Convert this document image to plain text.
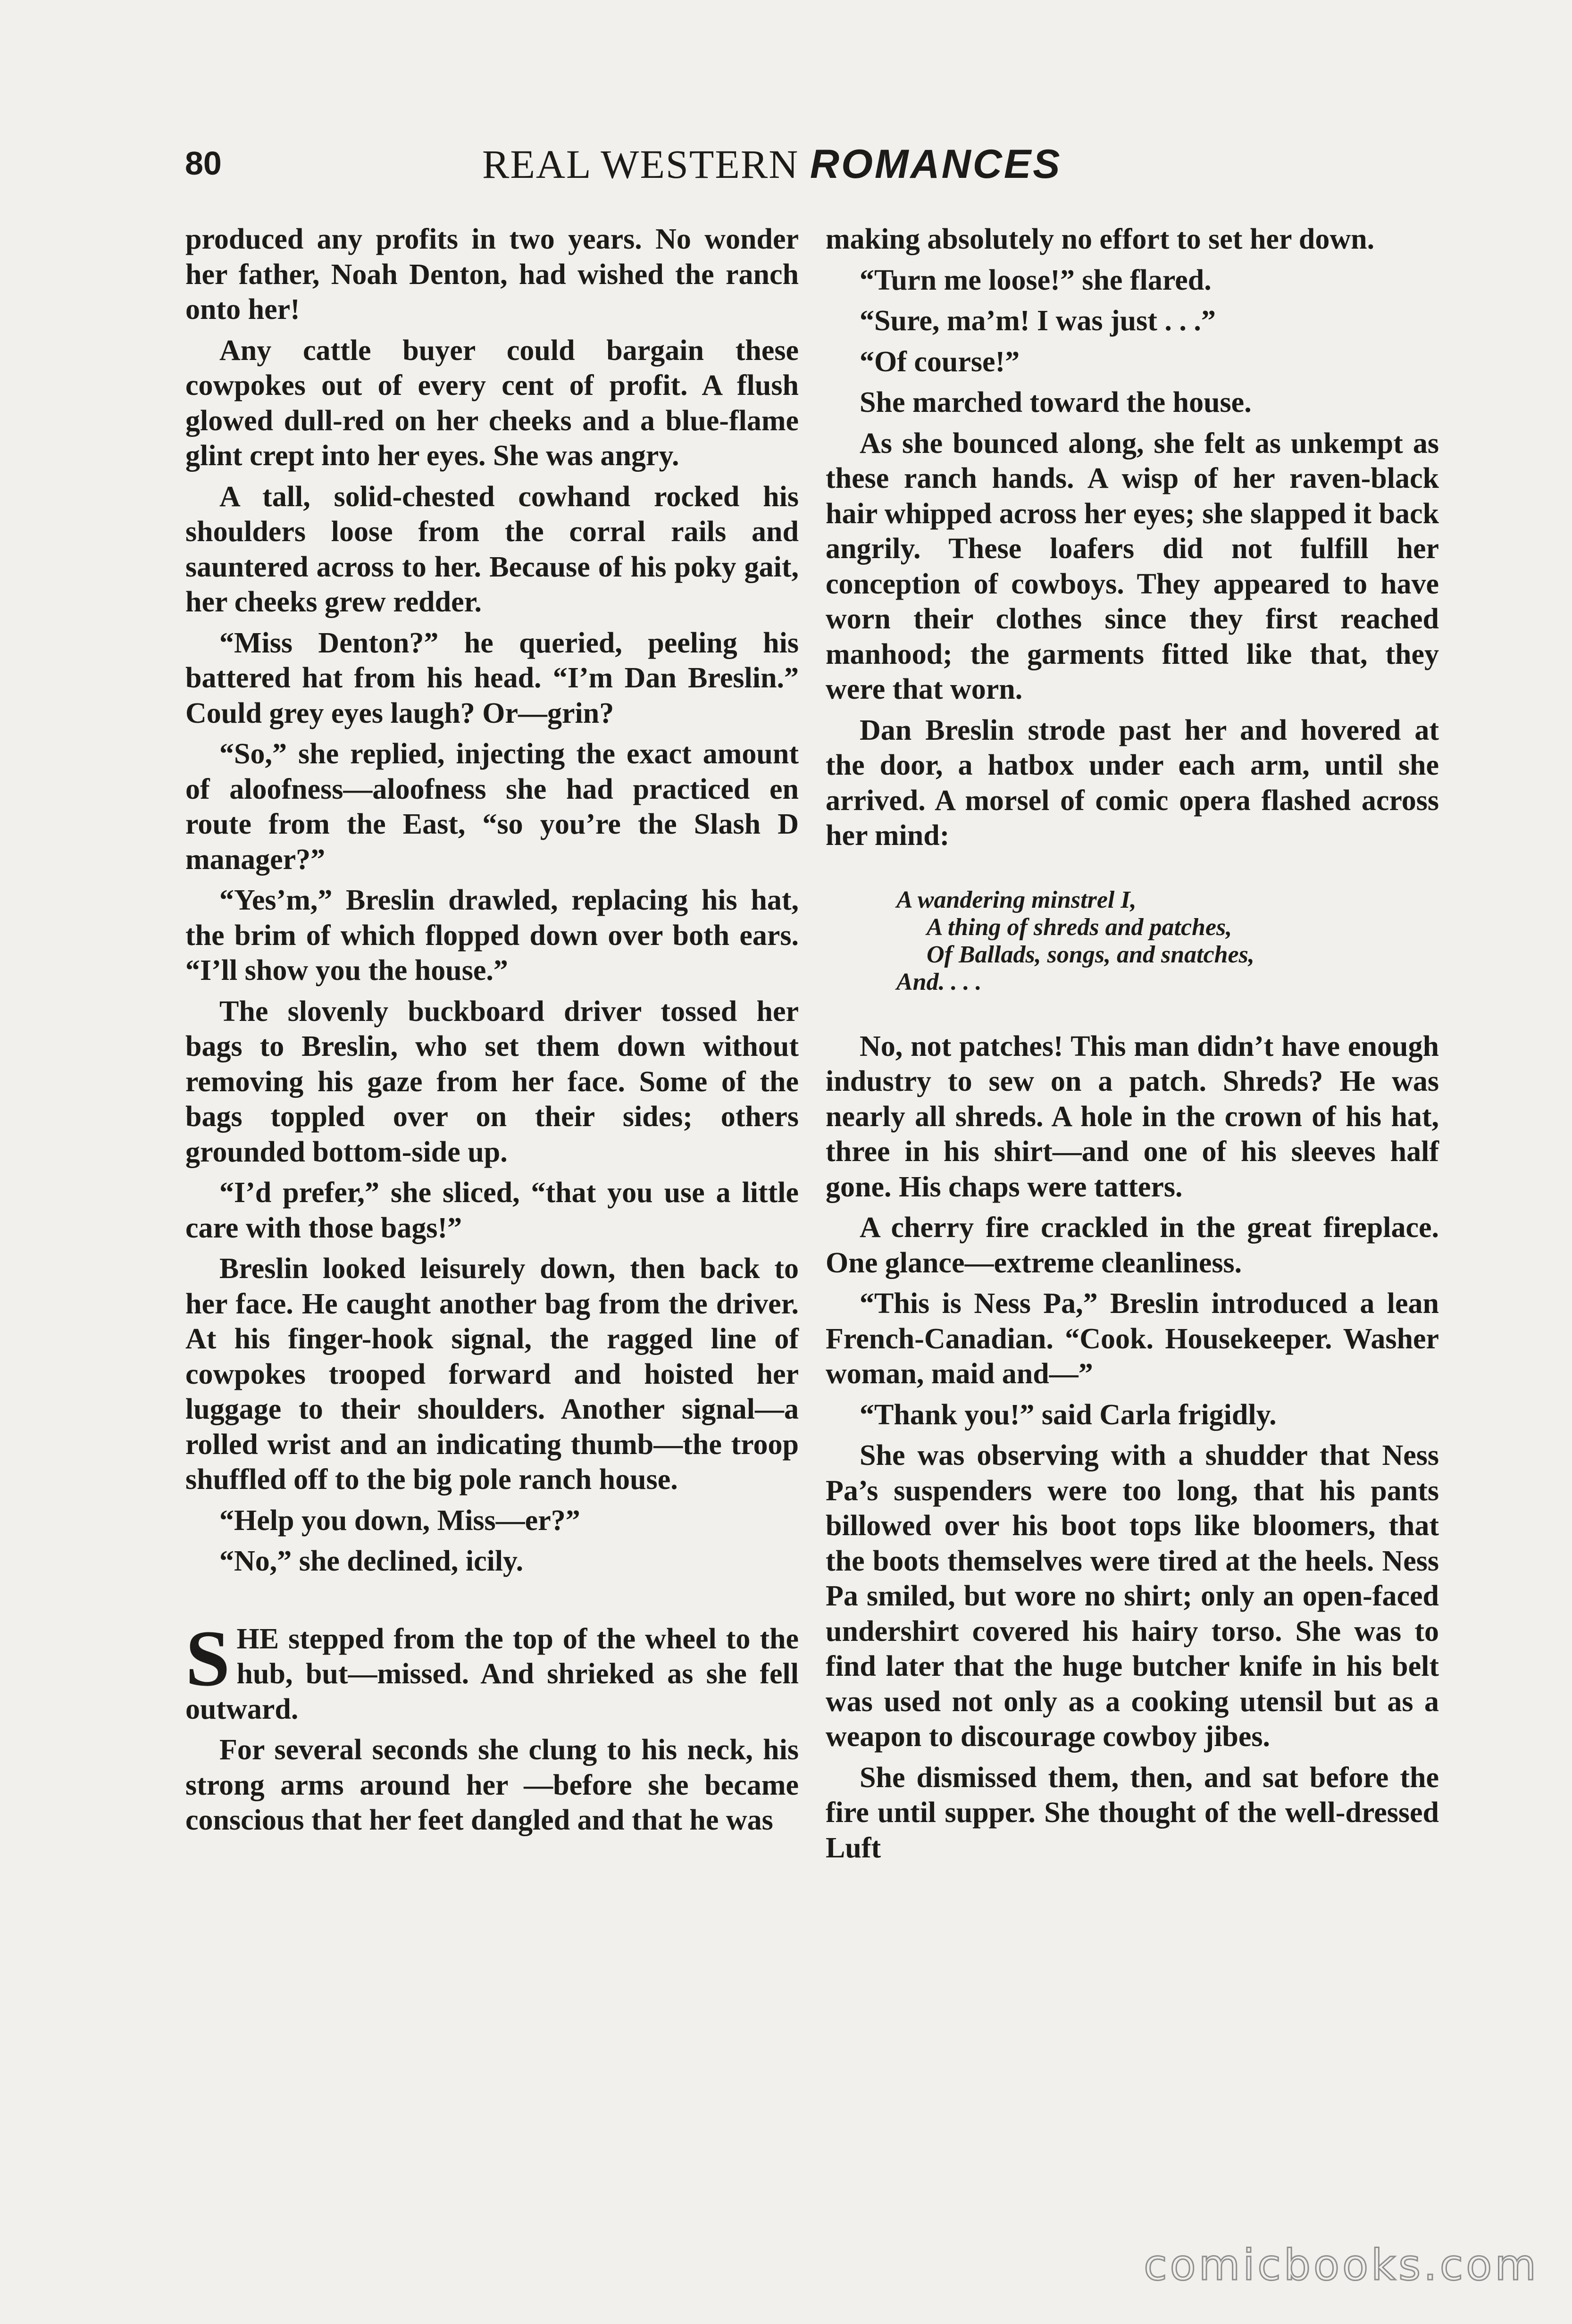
80	REAL WESTERN ROMANCES

produced any profits in two years. No wonder her father, Noah Denton, had wished the ranch onto her!

Any cattle buyer could bargain these cowpokes out of every cent of profit. A flush glowed dull-red on her cheeks and a blue-flame glint crept into her eyes. She was angry.

A tall, solid-chested cowhand rocked his shoulders loose from the corral rails and sauntered across to her. Because of his poky gait, her cheeks grew redder.

“Miss Denton?” he queried, peeling his battered hat from his head. “I’m Dan Breslin.” Could grey eyes laugh? Or—grin?

“So,” she replied, injecting the exact amount of aloofness—aloofness she had practiced en route from the East, “so you’re the Slash D manager?”

“Yes’m,” Breslin drawled, replacing his hat, the brim of which flopped down over both ears. “I’ll show you the house.”

The slovenly buckboard driver tossed her bags to Breslin, who set them down without removing his gaze from her face. Some of the bags toppled over on their sides; others grounded bottom-side up.

“I’d prefer,” she sliced, “that you use a little care with those bags!”

Breslin looked leisurely down, then back to her face. He caught another bag from the driver. At his finger-hook signal, the ragged line of cowpokes trooped forward and hoisted her luggage to their shoulders. Another signal—a rolled wrist and an indicating thumb—the troop shuffled off to the big pole ranch house.

“Help you down, Miss—er?”

“No,” she declined, icily.

SHE stepped from the top of the wheel to the hub, but—missed. And shrieked as she fell outward.

For several seconds she clung to his neck, his strong arms around her —before she became conscious that her feet dangled and that he was

making absolutely no effort to set her down.

“Turn me loose!” she flared.

“Sure, ma’m! I was just . . .”

“Of course!”

She marched toward the house.

As she bounced along, she felt as unkempt as these ranch hands. A wisp of her raven-black hair whipped across her eyes; she slapped it back angrily. These loafers did not fulfill her conception of cowboys. They appeared to have worn their clothes since they first reached manhood; the garments fitted like that, they were that worn.

Dan Breslin strode past her and hovered at the door, a hatbox under each arm, until she arrived. A morsel of comic opera flashed across her mind:

A wandering minstrel I,
A thing of shreds and patches,
Of Ballads, songs, and snatches,
And. . . .

No, not patches! This man didn’t have enough industry to sew on a patch. Shreds? He was nearly all shreds. A hole in the crown of his hat, three in his shirt—and one of his sleeves half gone. His chaps were tatters.

A cherry fire crackled in the great fireplace. One glance—extreme cleanliness.

“This is Ness Pa,” Breslin introduced a lean French-Canadian. “Cook. Housekeeper. Washer woman, maid and—”

“Thank you!” said Carla frigidly.

She was observing with a shudder that Ness Pa’s suspenders were too long, that his pants billowed over his boot tops like bloomers, that the boots themselves were tired at the heels. Ness Pa smiled, but wore no shirt; only an open-faced undershirt covered his hairy torso. She was to find later that the huge butcher knife in his belt was used not only as a cooking utensil but as a weapon to discourage cowboy jibes.

She dismissed them, then, and sat before the fire until supper. She thought of the well-dressed Luft

comicbooks.com
